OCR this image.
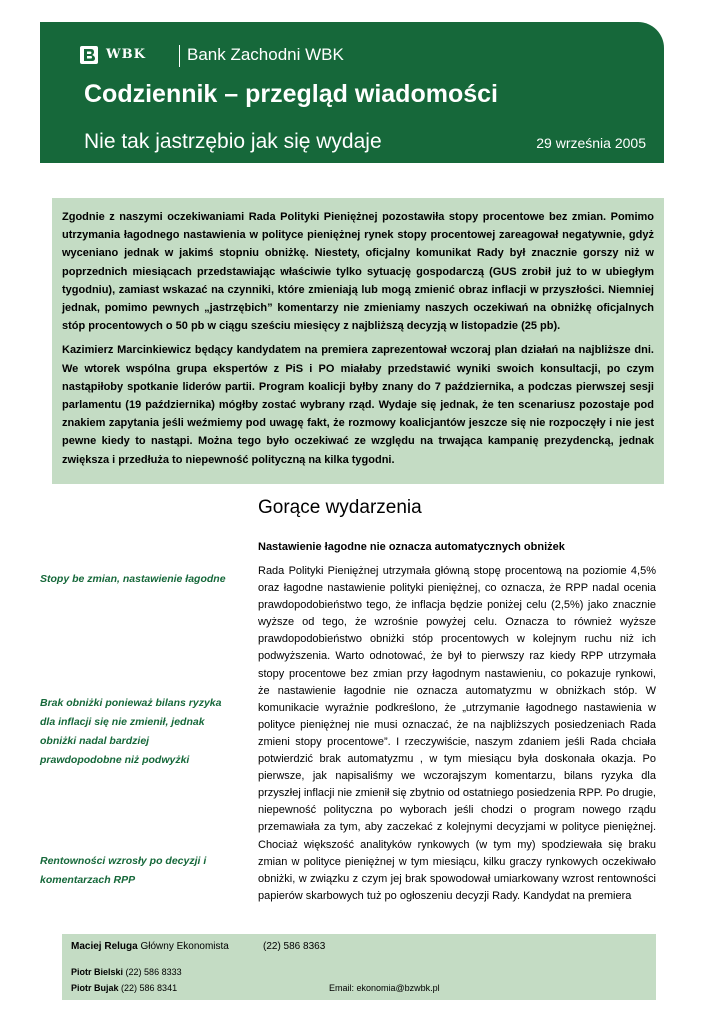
WBK Bank Zachodni WBK
Codziennik – przegląd wiadomości
Nie tak jastrzębio jak się wydaje	29 września 2005

Zgodnie z naszymi oczekiwaniami Rada Polityki Pieniężnej pozostawiła stopy procentowe bez zmian. Pomimo utrzymania łagodnego nastawienia w polityce pieniężnej rynek stopy procentowej zareagował negatywnie, gdyż wyceniano jednak w jakimś stopniu obniżkę. Niestety, oficjalny komunikat Rady był znacznie gorszy niż w poprzednich miesiącach przedstawiając właściwie tylko sytuację gospodarczą (GUS zrobił już to w ubiegłym tygodniu), zamiast wskazać na czynniki, które zmieniają lub mogą zmienić obraz inflacji w przyszłości. Niemniej jednak, pomimo pewnych „jastrzębich” komentarzy nie zmieniamy naszych oczekiwań na obniżkę oficjalnych stóp procentowych o 50 pb w ciągu sześciu miesięcy z najbliższą decyzją w listopadzie (25 pb).

Kazimierz Marcinkiewicz będący kandydatem na premiera zaprezentował wczoraj plan działań na najbliższe dni. We wtorek wspólna grupa ekspertów z PiS i PO miałaby przedstawić wyniki swoich konsultacji, po czym nastąpiłoby spotkanie liderów partii. Program koalicji byłby znany do 7 października, a podczas pierwszej sesji parlamentu (19 października) mógłby zostać wybrany rząd. Wydaje się jednak, że ten scenariusz pozostaje pod znakiem zapytania jeśli weźmiemy pod uwagę fakt, że rozmowy koalicjantów jeszcze się nie rozpoczęły i nie jest pewne kiedy to nastąpi. Można tego było oczekiwać ze względu na trwająca kampanię prezydencką, jednak zwiększa i przedłuża to niepewność polityczną na kilka tygodni.

Gorące wydarzenia
Nastawienie łagodne nie oznacza automatycznych obniżek

Rada Polityki Pieniężnej utrzymała główną stopę procentową na poziomie 4,5% oraz łagodne nastawienie polityki pieniężnej, co oznacza, że RPP nadal ocenia prawdopodobieństwo tego, że inflacja będzie poniżej celu (2,5%) jako znacznie wyższe od tego, że wzrośnie powyżej celu. Oznacza to również wyższe prawdopodobieństwo obniżki stóp procentowych w kolejnym ruchu niż ich podwyższenia. Warto odnotować, że był to pierwszy raz kiedy RPP utrzymała stopy procentowe bez zmian przy łagodnym nastawieniu, co pokazuje rynkowi, że nastawienie łagodnie nie oznacza automatyzmu w obniżkach stóp. W komunikacie wyraźnie podkreślono, że „utrzymanie łagodnego nastawienia w polityce pieniężnej nie musi oznaczać, że na najbliższych posiedzeniach Rada zmieni stopy procentowe”. I rzeczywiście, naszym zdaniem jeśli Rada chciała potwierdzić brak automatyzmu , w tym miesiącu była doskonała okazja. Po pierwsze, jak napisaliśmy we wczorajszym komentarzu, bilans ryzyka dla przyszłej inflacji nie zmienił się zbytnio od ostatniego posiedzenia RPP. Po drugie, niepewność polityczna po wyborach jeśli chodzi o program nowego rządu przemawiała za tym, aby zaczekać z kolejnymi decyzjami w polityce pieniężnej. Chociaż większość analityków rynkowych (w tym my) spodziewała się braku zmian w polityce pieniężnej w tym miesiącu, kilku graczy rynkowych oczekiwało obniżki, w związku z czym jej brak spowodował umiarkowany wzrost rentowności papierów skarbowych tuż po ogłoszeniu decyzji Rady. Kandydat na premiera

Stopy be zmian, nastawienie łagodne

Brak obniżki ponieważ bilans ryzyka dla inflacji się nie zmienił, jednak obniżki nadal bardziej prawdopodobne niż podwyżki

Rentowności wzrosły po decyzji i komentarzach RPP

Maciej Reluga Główny Ekonomista	(22) 586 8363
Piotr Bielski (22) 586 8333
Piotr Bujak (22) 586 8341	Email: ekonomia@bzwbk.pl
